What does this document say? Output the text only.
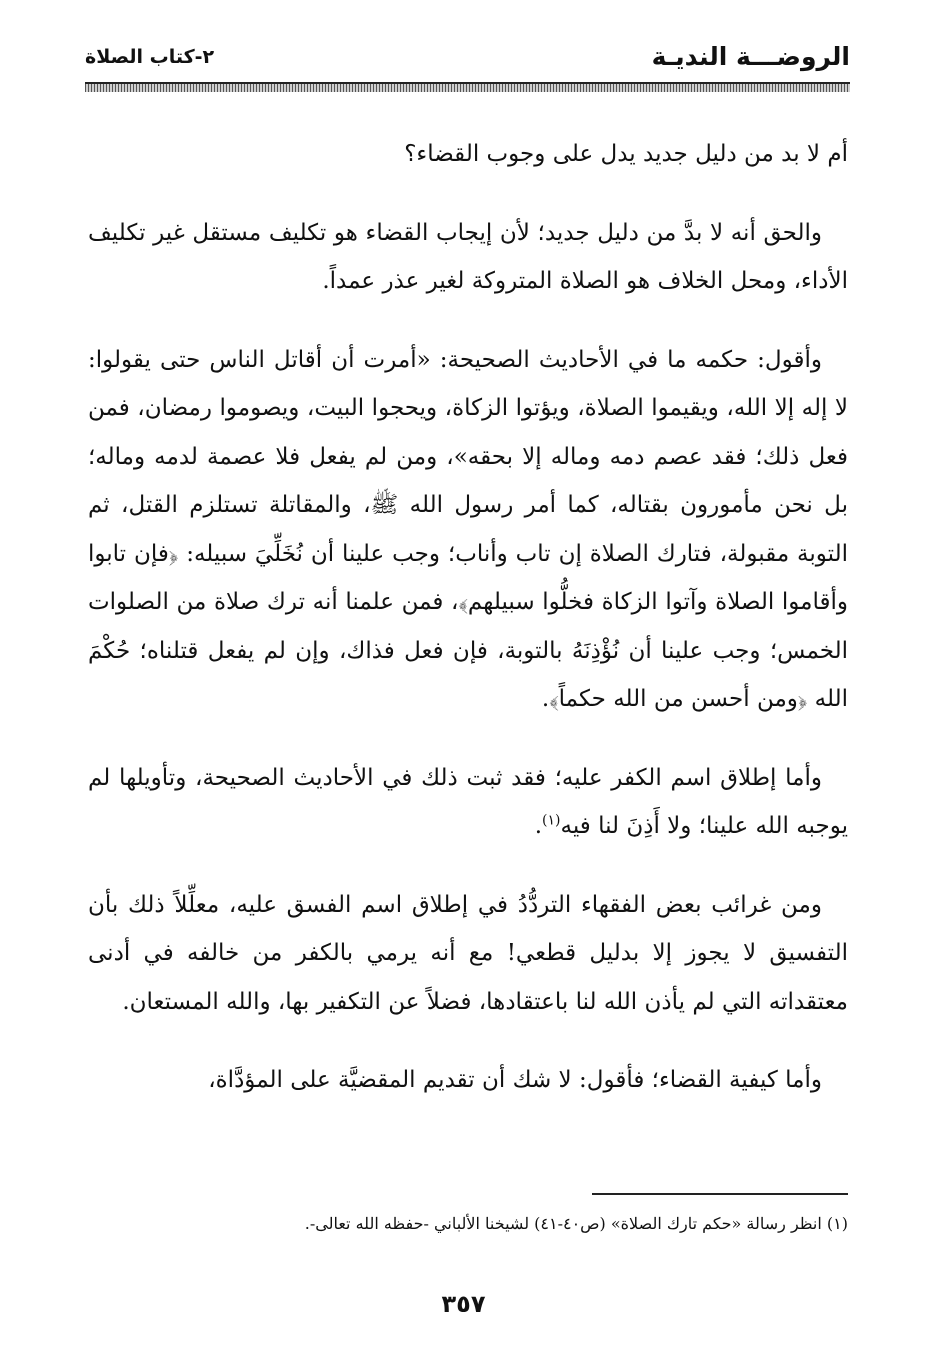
الروضـــة النديـة
٢-كتاب الصلاة

أم لا بد من دليل جديد يدل على وجوب القضاء؟

والحق أنه لا بدَّ من دليل جديد؛ لأن إيجاب القضاء هو تكليف مستقل غير تكليف الأداء، ومحل الخلاف هو الصلاة المتروكة لغير عذر عمداً.

وأقول: حكمه ما في الأحاديث الصحيحة: «أمرت أن أقاتل الناس حتى يقولوا: لا إله إلا الله، ويقيموا الصلاة، ويؤتوا الزكاة، ويحجوا البيت، ويصوموا رمضان، فمن فعل ذلك؛ فقد عصم دمه وماله إلا بحقه»، ومن لم يفعل فلا عصمة لدمه وماله؛ بل نحن مأمورون بقتاله، كما أمر رسول الله ﷺ، والمقاتلة تستلزم القتل، ثم التوبة مقبولة، فتارك الصلاة إن تاب وأناب؛ وجب علينا أن نُخَلِّيَ سبيله: ﴿فإن تابوا وأقاموا الصلاة وآتوا الزكاة فخلُّوا سبيلهم﴾، فمن علمنا أنه ترك صلاة من الصلوات الخمس؛ وجب علينا أن نُؤْذِنَهُ بالتوبة، فإن فعل فذاك، وإن لم يفعل قتلناه؛ حُكْمَ الله ﴿ومن أحسن من الله حكماً﴾.

وأما إطلاق اسم الكفر عليه؛ فقد ثبت ذلك في الأحاديث الصحيحة، وتأويلها لم يوجبه الله علينا؛ ولا أَذِنَ لنا فيه$^{(١)}$.

ومن غرائب بعض الفقهاء التردُّدُ في إطلاق اسم الفسق عليه، معلِّلاً ذلك بأن التفسيق لا يجوز إلا بدليل قطعي! مع أنه يرمي بالكفر من خالفه في أدنى معتقداته التي لم يأذن الله لنا باعتقادها، فضلاً عن التكفير بها، والله المستعان.

وأما كيفية القضاء؛ فأقول: لا شك أن تقديم المقضيَّة على المؤدَّاة،

(١) انظر رسالة «حكم تارك الصلاة» (ص٤٠-٤١) لشيخنا الألباني -حفظه الله تعالى-.
٣٥٧
